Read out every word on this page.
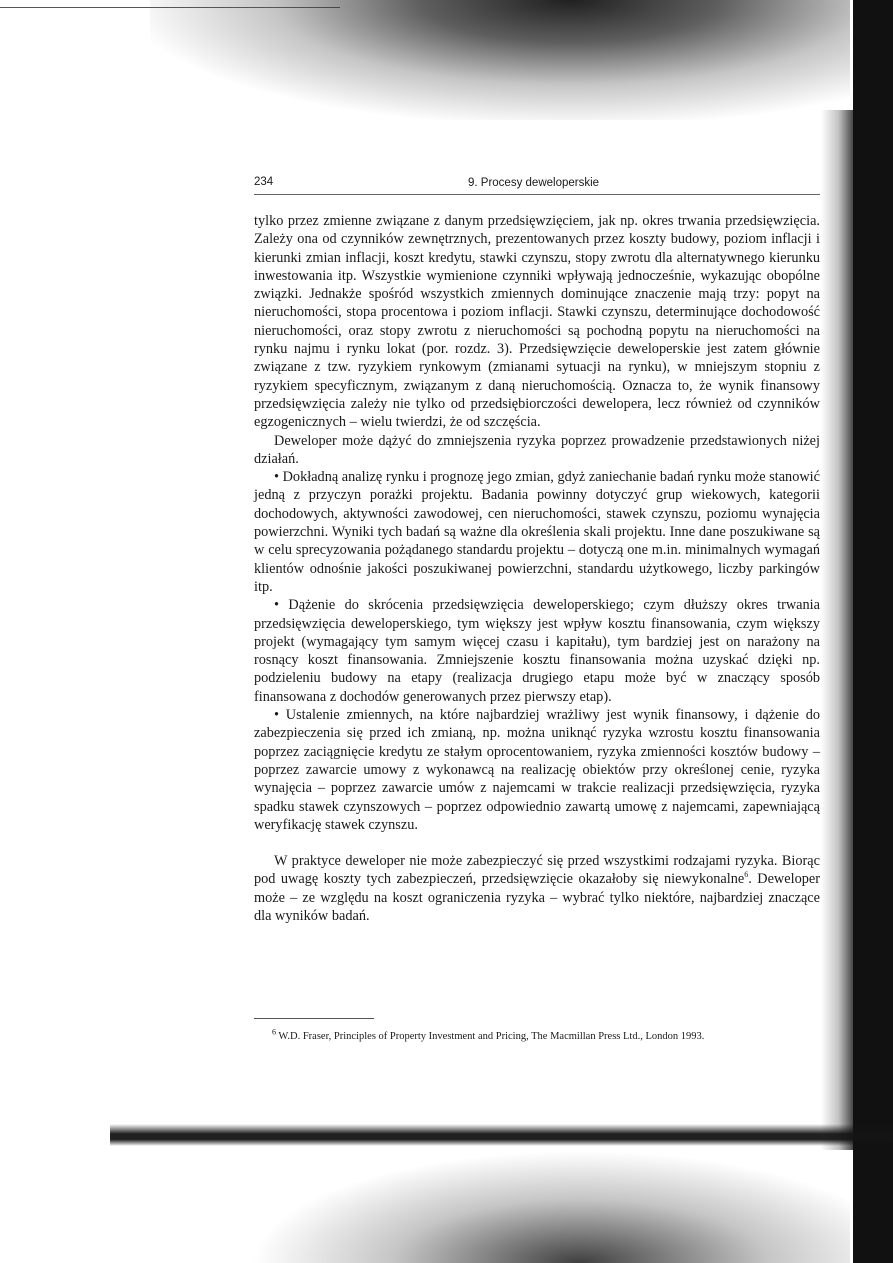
234	9. Procesy deweloperskie

tylko przez zmienne związane z danym przedsięwzięciem, jak np. okres trwania przedsięwzięcia. Zależy ona od czynników zewnętrznych, prezentowanych przez koszty budowy, poziom inflacji i kierunki zmian inflacji, koszt kredytu, stawki czynszu, stopy zwrotu dla alternatywnego kierunku inwestowania itp. Wszystkie wymienione czynniki wpływają jednocześnie, wykazując obopólne związki. Jednakże spośród wszystkich zmiennych dominujące znaczenie mają trzy: popyt na nieruchomości, stopa procentowa i poziom inflacji. Stawki czynszu, determinujące dochodowość nieruchomości, oraz stopy zwrotu z nieruchomości są pochodną popytu na nieruchomości na rynku najmu i rynku lokat (por. rozdz. 3). Przedsięwzięcie deweloperskie jest zatem głównie związane z tzw. ryzykiem rynkowym (zmianami sytuacji na rynku), w mniejszym stopniu z ryzykiem specyficznym, związanym z daną nieruchomością. Oznacza to, że wynik finansowy przedsięwzięcia zależy nie tylko od przedsiębiorczości dewelopera, lecz również od czynników egzogenicznych – wielu twierdzi, że od szczęścia.

Deweloper może dążyć do zmniejszenia ryzyka poprzez prowadzenie przedstawionych niżej działań.

• Dokładną analizę rynku i prognozę jego zmian, gdyż zaniechanie badań rynku może stanowić jedną z przyczyn porażki projektu. Badania powinny dotyczyć grup wiekowych, kategorii dochodowych, aktywności zawodowej, cen nieruchomości, stawek czynszu, poziomu wynajęcia powierzchni. Wyniki tych badań są ważne dla określenia skali projektu. Inne dane poszukiwane są w celu sprecyzowania pożądanego standardu projektu – dotyczą one m.in. minimalnych wymagań klientów odnośnie jakości poszukiwanej powierzchni, standardu użytkowego, liczby parkingów itp.

• Dążenie do skrócenia przedsięwzięcia deweloperskiego; czym dłuższy okres trwania przedsięwzięcia deweloperskiego, tym większy jest wpływ kosztu finansowania, czym większy projekt (wymagający tym samym więcej czasu i kapitału), tym bardziej jest on narażony na rosnący koszt finansowania. Zmniejszenie kosztu finansowania można uzyskać dzięki np. podzieleniu budowy na etapy (realizacja drugiego etapu może być w znaczący sposób finansowana z dochodów generowanych przez pierwszy etap).

• Ustalenie zmiennych, na które najbardziej wrażliwy jest wynik finansowy, i dążenie do zabezpieczenia się przed ich zmianą, np. można uniknąć ryzyka wzrostu kosztu finansowania poprzez zaciągnięcie kredytu ze stałym oprocentowaniem, ryzyka zmienności kosztów budowy – poprzez zawarcie umowy z wykonawcą na realizację obiektów przy określonej cenie, ryzyka wynajęcia – poprzez zawarcie umów z najemcami w trakcie realizacji przedsięwzięcia, ryzyka spadku stawek czynszowych – poprzez odpowiednio zawartą umowę z najemcami, zapewniającą weryfikację stawek czynszu.

W praktyce deweloper nie może zabezpieczyć się przed wszystkimi rodzajami ryzyka. Biorąc pod uwagę koszty tych zabezpieczeń, przedsięwzięcie okazałoby się niewykonalne$^6$. Deweloper może – ze względu na koszt ograniczenia ryzyka – wybrać tylko niektóre, najbardziej znaczące dla wyników badań.

$^6$ W.D. Fraser, Principles of Property Investment and Pricing, The Macmillan Press Ltd., London 1993.
